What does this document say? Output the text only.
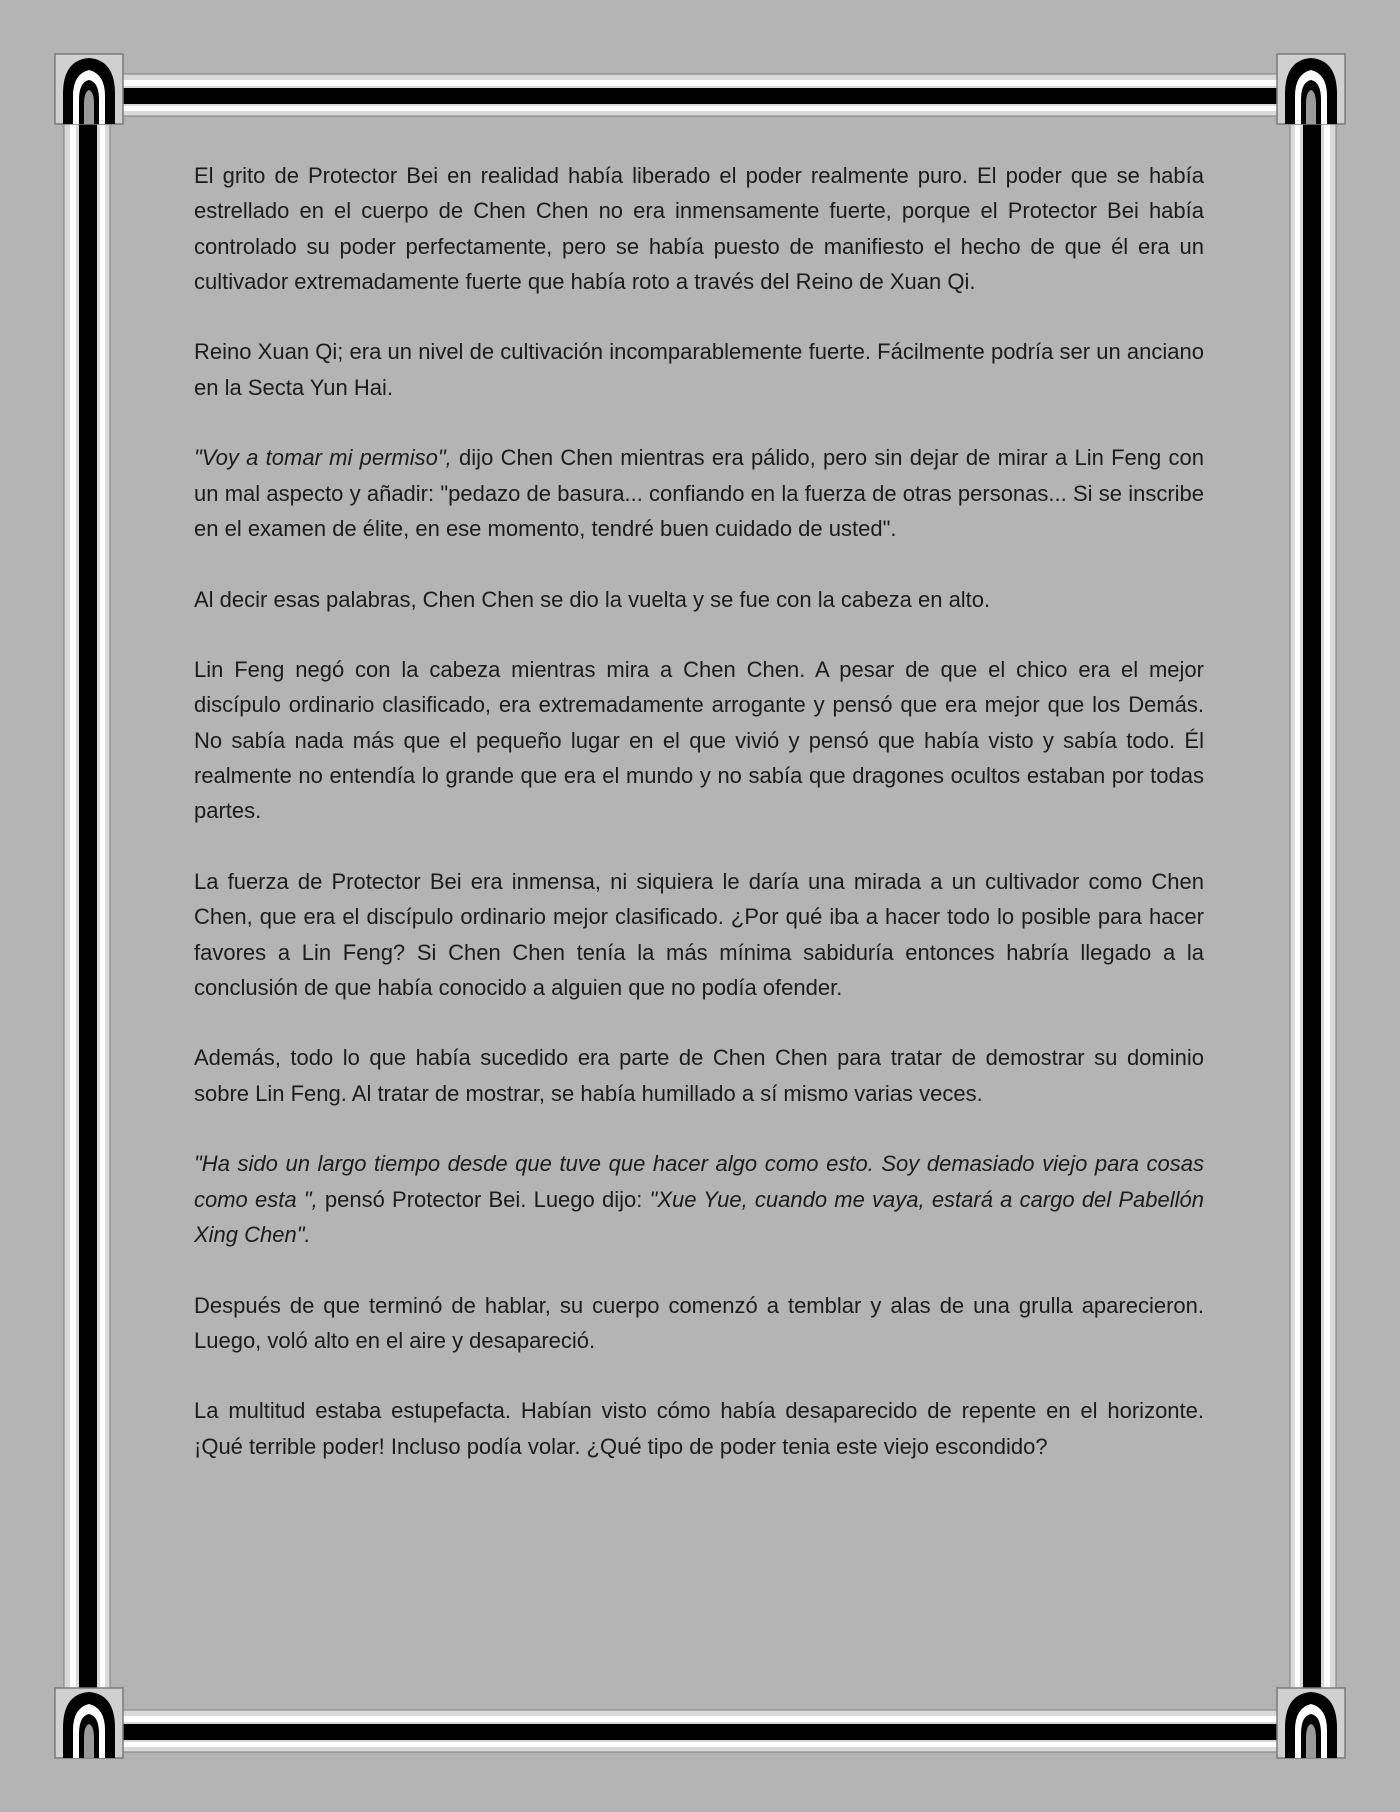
El grito de Protector Bei en realidad había liberado el poder realmente puro. El poder que se había estrellado en el cuerpo de Chen Chen no era inmensamente fuerte, porque el Protector Bei había controlado su poder perfectamente, pero se había puesto de manifiesto el hecho de que él era un cultivador extremadamente fuerte que había roto a través del Reino de Xuan Qi.

Reino Xuan Qi; era un nivel de cultivación incomparablemente fuerte. Fácilmente podría ser un anciano en la Secta Yun Hai.

"Voy a tomar mi permiso", dijo Chen Chen mientras era pálido, pero sin dejar de mirar a Lin Feng con un mal aspecto y añadir: "pedazo de basura... confiando en la fuerza de otras personas... Si se inscribe en el examen de élite, en ese momento, tendré buen cuidado de usted".

Al decir esas palabras, Chen Chen se dio la vuelta y se fue con la cabeza en alto.

Lin Feng negó con la cabeza mientras mira a Chen Chen. A pesar de que el chico era el mejor discípulo ordinario clasificado, era extremadamente arrogante y pensó que era mejor que los Demás. No sabía nada más que el pequeño lugar en el que vivió y pensó que había visto y sabía todo. Él realmente no entendía lo grande que era el mundo y no sabía que dragones ocultos estaban por todas partes.

La fuerza de Protector Bei era inmensa, ni siquiera le daría una mirada a un cultivador como Chen Chen, que era el discípulo ordinario mejor clasificado. ¿Por qué iba a hacer todo lo posible para hacer favores a Lin Feng? Si Chen Chen tenía la más mínima sabiduría entonces habría llegado a la conclusión de que había conocido a alguien que no podía ofender.

Además, todo lo que había sucedido era parte de Chen Chen para tratar de demostrar su dominio sobre Lin Feng. Al tratar de mostrar, se había humillado a sí mismo varias veces.

"Ha sido un largo tiempo desde que tuve que hacer algo como esto. Soy demasiado viejo para cosas como esta ", pensó Protector Bei. Luego dijo: "Xue Yue, cuando me vaya, estará a cargo del Pabellón Xing Chen".

Después de que terminó de hablar, su cuerpo comenzó a temblar y alas de una grulla aparecieron. Luego, voló alto en el aire y desapareció.

La multitud estaba estupefacta. Habían visto cómo había desaparecido de repente en el horizonte. ¡Qué terrible poder! Incluso podía volar. ¿Qué tipo de poder tenia este viejo escondido?
